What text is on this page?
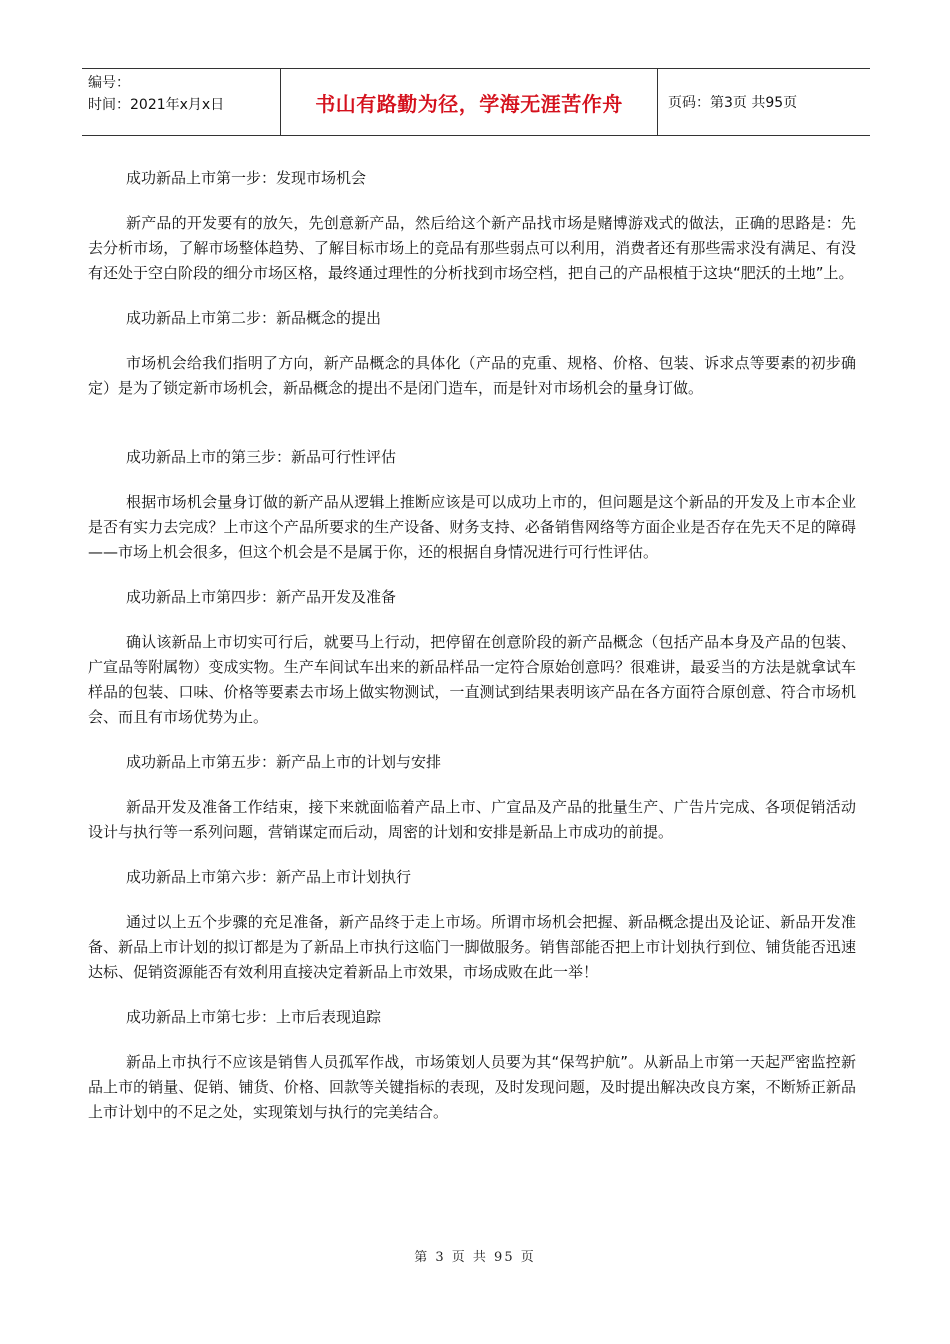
编号：
时间：2021年x月x日	书山有路勤为径，学海无涯苦作舟	页码：第3页 共95页

成功新品上市第一步：发现市场机会

新产品的开发要有的放矢，先创意新产品，然后给这个新产品找市场是赌博游戏式的做法，正确的思路是：先去分析市场，了解市场整体趋势、了解目标市场上的竞品有那些弱点可以利用，消费者还有那些需求没有满足、有没有还处于空白阶段的细分市场区格，最终通过理性的分析找到市场空档，把自己的产品根植于这块“肥沃的土地”上。

成功新品上市第二步：新品概念的提出

市场机会给我们指明了方向，新产品概念的具体化（产品的克重、规格、价格、包装、诉求点等要素的初步确定）是为了锁定新市场机会，新品概念的提出不是闭门造车，而是针对市场机会的量身订做。

成功新品上市的第三步：新品可行性评估

根据市场机会量身订做的新产品从逻辑上推断应该是可以成功上市的，但问题是这个新品的开发及上市本企业是否有实力去完成？上市这个产品所要求的生产设备、财务支持、必备销售网络等方面企业是否存在先天不足的障碍——市场上机会很多，但这个机会是不是属于你，还的根据自身情况进行可行性评估。

成功新品上市第四步：新产品开发及准备

确认该新品上市切实可行后，就要马上行动，把停留在创意阶段的新产品概念（包括产品本身及产品的包装、广宣品等附属物）变成实物。生产车间试车出来的新品样品一定符合原始创意吗？很难讲，最妥当的方法是就拿试车样品的包装、口味、价格等要素去市场上做实物测试，一直测试到结果表明该产品在各方面符合原创意、符合市场机会、而且有市场优势为止。

成功新品上市第五步：新产品上市的计划与安排

新品开发及准备工作结束，接下来就面临着产品上市、广宣品及产品的批量生产、广告片完成、各项促销活动设计与执行等一系列问题，营销谋定而后动，周密的计划和安排是新品上市成功的前提。

成功新品上市第六步：新产品上市计划执行

通过以上五个步骤的充足准备，新产品终于走上市场。所谓市场机会把握、新品概念提出及论证、新品开发准备、新品上市计划的拟订都是为了新品上市执行这临门一脚做服务。销售部能否把上市计划执行到位、铺货能否迅速达标、促销资源能否有效利用直接决定着新品上市效果，市场成败在此一举！

成功新品上市第七步：上市后表现追踪

新品上市执行不应该是销售人员孤军作战，市场策划人员要为其“保驾护航”。从新品上市第一天起严密监控新品上市的销量、促销、铺货、价格、回款等关键指标的表现，及时发现问题，及时提出解决改良方案，不断矫正新品上市计划中的不足之处，实现策划与执行的完美结合。

第 3 页 共 95 页
